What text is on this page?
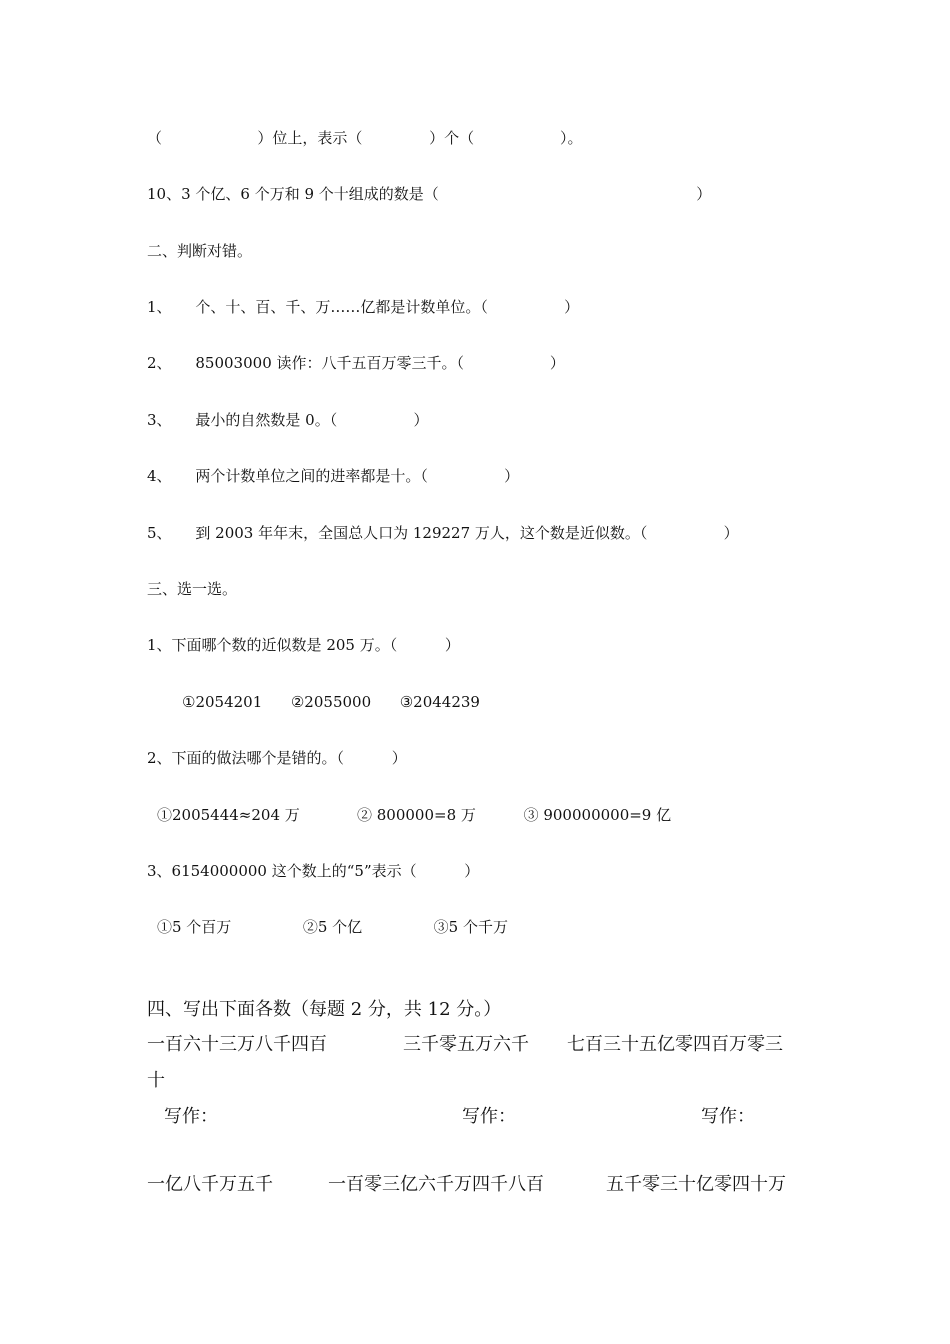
（                    ）位上，表示（              ）个（                  ）。
10、3 个亿、6 个万和 9 个十组成的数是（                                                      ）
二、判断对错。
1、     个、十、百、千、万……亿都是计数单位。（                ）
2、     85003000 读作：八千五百万零三千。（                  ）
3、     最小的自然数是 0。（                ）
4、     两个计数单位之间的进率都是十。（                ）
5、     到 2003 年年末，全国总人口为 129227 万人，这个数是近似数。（                ）
三、选一选。
1、下面哪个数的近似数是 205 万。（          ）
①2054201      ②2055000      ③2044239
2、下面的做法哪个是错的。（          ）
①2005444≈204 万            ② 800000=8 万          ③ 900000000=9 亿
3、6154000000 这个数上的“5”表示（          ）
①5 个百万               ②5 个亿               ③5 个千万
四、写出下面各数（每题 2 分，共 12 分。）
一百六十三万八千四百	三千零五万六千 七百三十五亿零四百万零三
十
写作：	写作：	写作：
一亿八千万五千	一百零三亿六千万四千八百	五千零三十亿零四十万
